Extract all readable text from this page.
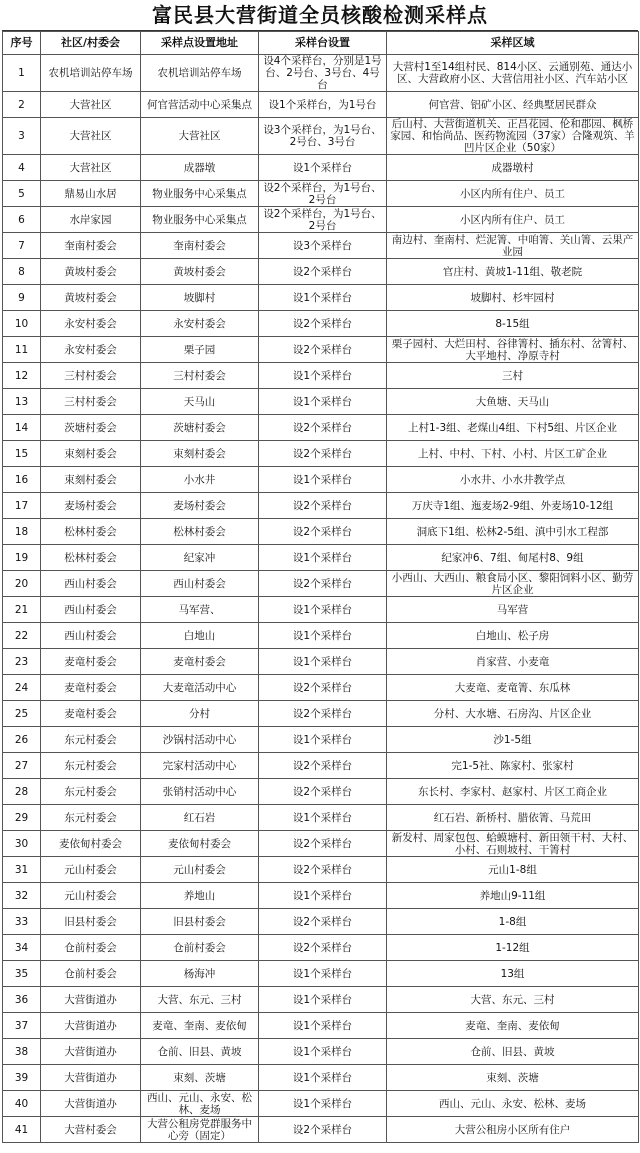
富民县大营街道全员核酸检测采样点
序号	社区/村委会	采样点设置地址	采样台设置	采样区域
1	农机培训站停车场	农机培训站停车场	设4个采样台，分别是1号台、2号台、3号台、4号台	大营村1至14组村民、814小区、云通别苑、通达小区、大营政府小区、大营信用社小区、汽车站小区
2	大营社区	何官营活动中心采集点	设1个采样台，为1号台	何官营、铝矿小区、经典墅居民群众
3	大营社区	大营社区	设3个采样台，为1号台、2号台、3号台	后山村、大营街道机关、正昌花园、伦和郡园、枫桥家园、和怡尚品、医药物流园（37家）合隆观筑、羊凹片区企业（50家）
4	大营社区	成器墩	设1个采样台	成器墩村
5	鼎易山水居	物业服务中心采集点	设2个采样台，为1号台、2号台	小区内所有住户、员工
6	水岸家园	物业服务中心采集点	设2个采样台，为1号台、2号台	小区内所有住户、员工
7	奎南村委会	奎南村委会	设3个采样台	南边村、奎南村、烂泥箐、中咱箐、关山箐、云果产业园
8	黄坡村委会	黄坡村委会	设2个采样台	官庄村、黄坡1-11组、敬老院
9	黄坡村委会	坡脚村	设1个采样台	坡脚村、杉牢园村
10	永安村委会	永安村委会	设2个采样台	8-15组
11	永安村委会	栗子园	设2个采样台	栗子园村、大烂田村、谷律箐村、插东村、岔箐村、大平地村、净原寺村
12	三村村委会	三村村委会	设1个采样台	三村
13	三村村委会	天马山	设1个采样台	大鱼塘、天马山
14	茨塘村委会	茨塘村委会	设2个采样台	上村1-3组、老煤山4组、下村5组、片区企业
15	束刻村委会	束刻村委会	设2个采样台	上村、中村、下村、小村、片区工矿企业
16	束刻村委会	小水井	设1个采样台	小水井、小水井教学点
17	麦场村委会	麦场村委会	设2个采样台	万庆寺1组、迤麦场2-9组、外麦场10-12组
18	松林村委会	松林村委会	设2个采样台	洞底下1组、松林2-5组、滇中引水工程部
19	松林村委会	纪家冲	设1个采样台	纪家冲6、7组、甸尾村8、9组
20	西山村委会	西山村委会	设2个采样台	小西山、大西山、粮食局小区、黎阳饲料小区、勤劳片区企业
21	西山村委会	马军营、	设1个采样台	马军营
22	西山村委会	白地山	设1个采样台	白地山、松子房
23	麦竜村委会	麦竜村委会	设1个采样台	肖家营、小麦竜
24	麦竜村委会	大麦竜活动中心	设2个采样台	大麦竜、麦竜箐、东瓜林
25	麦竜村委会	分村	设2个采样台	分村、大水塘、石房沟、片区企业
26	东元村委会	沙锅村活动中心	设1个采样台	沙1-5组
27	东元村委会	完家村活动中心	设2个采样台	完1-5社、陈家村、张家村
28	东元村委会	张销村活动中心	设2个采样台	东长村、李家村、赵家村、片区工商企业
29	东元村委会	红石岩	设1个采样台	红石岩、新桥村、腊依箐、马荒田
30	麦依甸村委会	麦依甸村委会	设2个采样台	新发村、周家包包、蛤蟆塘村、新田领干村、大村、小村、石则坡村、干箐村
31	元山村委会	元山村委会	设2个采样台	元山1-8组
32	元山村委会	养地山	设1个采样台	养地山9-11组
33	旧县村委会	旧县村委会	设2个采样台	1-8组
34	仓前村委会	仓前村委会	设2个采样台	1-12组
35	仓前村委会	杨海冲	设1个采样台	13组
36	大营街道办	大营、东元、三村	设1个采样台	大营、东元、三村
37	大营街道办	麦竜、奎南、麦依甸	设1个采样台	麦竜、奎南、麦依甸
38	大营街道办	仓前、旧县、黄坡	设1个采样台	仓前、旧县、黄坡
39	大营街道办	束刻、茨塘	设1个采样台	束刻、茨塘
40	大营街道办	西山、元山、永安、松林、麦场	设1个采样台	西山、元山、永安、松林、麦场
41	大营村委会	大营公租房党群服务中心旁（固定）	设2个采样台	大营公租房小区所有住户
